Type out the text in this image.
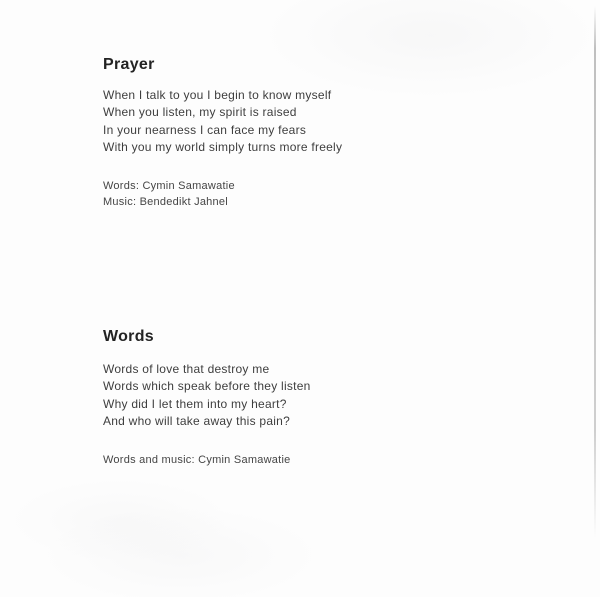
Prayer

When I talk to you I begin to know myself

When you listen, my spirit is raised

In your nearness I can face my fears

With you my world simply turns more freely

Words: Cymin Samawatie

Music: Bendedikt Jahnel

Words

Words of love that destroy me

Words which speak before they listen

Why did I let them into my heart?

And who will take away this pain?

Words and music: Cymin Samawatie
